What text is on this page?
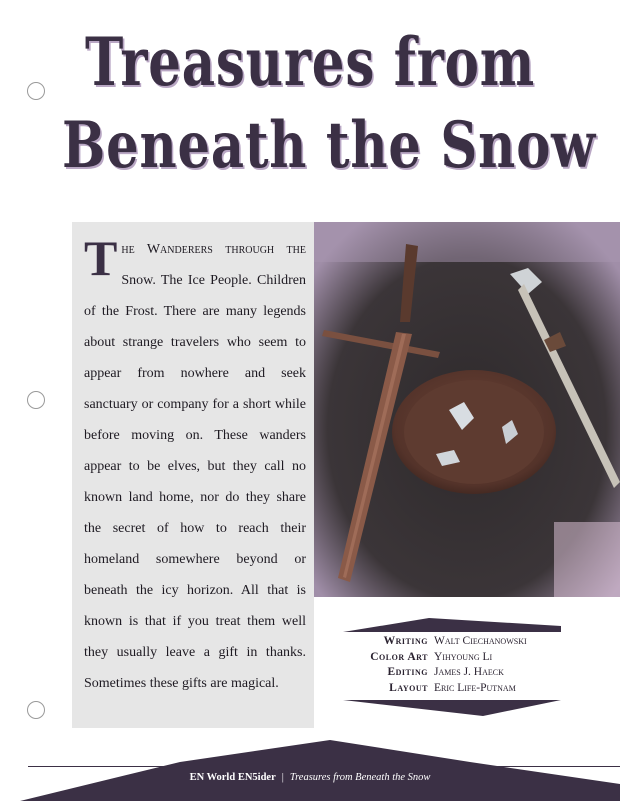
Treasures from
Beneath the Snow

The Wanderers through the Snow. The Ice People. Children of the Frost. There are many legends about strange travelers who seem to appear from nowhere and seek sanctuary or company for a short while before moving on. These wanders appear to be elves, but they call no known land home, nor do they share the secret of how to reach their homeland somewhere beyond or beneath the icy horizon. All that is known is that if you treat them well they usually leave a gift in thanks. Sometimes these gifts are magical.

Writing Walt Ciechanowski
Color Art Yihyoung Li
Editing James J. Haeck
Layout Eric Life-Putnam
EN World EN5ider | Treasures from Beneath the Snow
